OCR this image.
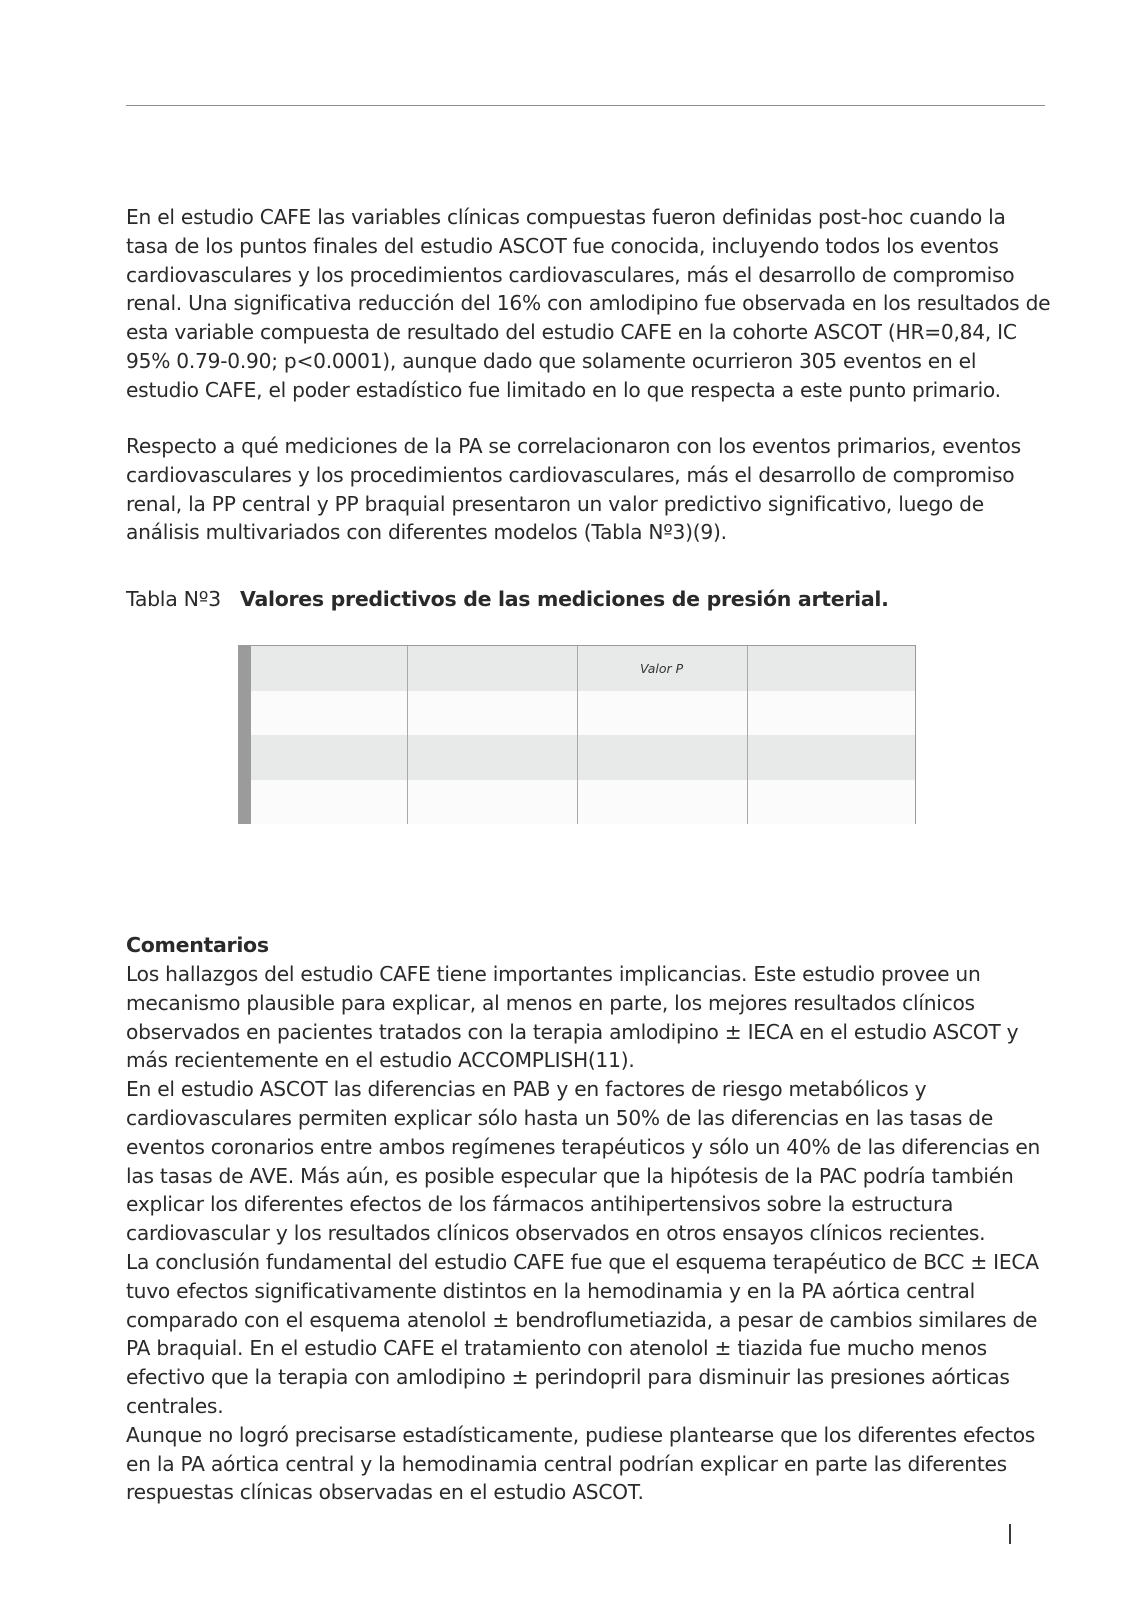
En el estudio CAFE las variables clínicas compuestas fueron definidas post-hoc cuando la tasa de los puntos finales del estudio ASCOT fue conocida, incluyendo todos los eventos cardiovasculares y los procedimientos cardiovasculares, más el desarrollo de compromiso renal. Una significativa reducción del 16% con amlodipino fue observada en los resultados de esta variable compuesta de resultado del estudio CAFE en la cohorte ASCOT (HR=0,84, IC 95% 0.79-0.90; p<0.0001), aunque dado que solamente ocurrieron 305 eventos en el estudio CAFE, el poder estadístico fue limitado en lo que respecta a este punto primario.

Respecto a qué mediciones de la PA se correlacionaron con los eventos primarios, eventos cardiovasculares y los procedimientos cardiovasculares, más el desarrollo de compromiso renal, la PP central y PP braquial presentaron un valor predictivo significativo, luego de análisis multivariados con diferentes modelos (Tabla Nº3)(9).

Tabla Nº3 Valores predictivos de las mediciones de presión arterial.
Valor P
Comentarios

Los hallazgos del estudio CAFE tiene importantes implicancias. Este estudio provee un mecanismo plausible para explicar, al menos en parte, los mejores resultados clínicos observados en pacientes tratados con la terapia amlodipino ± IECA en el estudio ASCOT y más recientemente en el estudio ACCOMPLISH(11).
En el estudio ASCOT las diferencias en PAB y en factores de riesgo metabólicos y cardiovasculares permiten explicar sólo hasta un 50% de las diferencias en las tasas de eventos coronarios entre ambos regímenes terapéuticos y sólo un 40% de las diferencias en las tasas de AVE. Más aún, es posible especular que la hipótesis de la PAC podría también explicar los diferentes efectos de los fármacos antihipertensivos sobre la estructura cardiovascular y los resultados clínicos observados en otros ensayos clínicos recientes.
La conclusión fundamental del estudio CAFE fue que el esquema terapéutico de BCC ± IECA tuvo efectos significativamente distintos en la hemodinamia y en la PA aórtica central comparado con el esquema atenolol ± bendroflumetiazida, a pesar de cambios similares de PA braquial. En el estudio CAFE el tratamiento con atenolol ± tiazida fue mucho menos efectivo que la terapia con amlodipino ± perindopril para disminuir las presiones aórticas centrales.
Aunque no logró precisarse estadísticamente, pudiese plantearse que los diferentes efectos en la PA aórtica central y la hemodinamia central podrían explicar en parte las diferentes respuestas clínicas observadas en el estudio ASCOT.
